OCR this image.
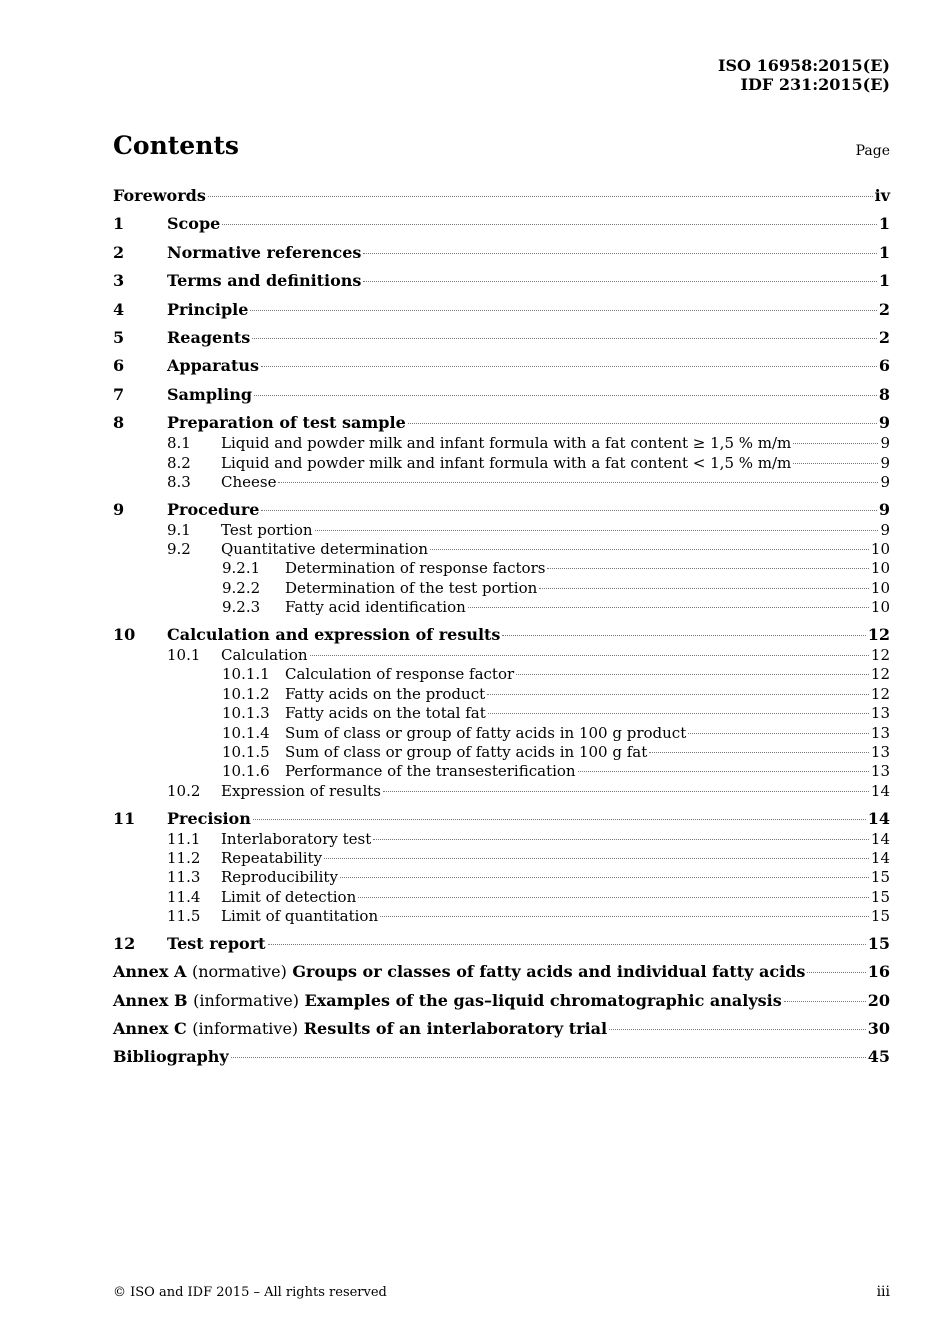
ISO 16958:2015(E)
IDF 231:2015(E)
Contents	Page
Forewords	iv
1	Scope	1
2	Normative references	1
3	Terms and definitions	1
4	Principle	2
5	Reagents	2
6	Apparatus	6
7	Sampling	8
8	Preparation of test sample	9
8.1	Liquid and powder milk and infant formula with a fat content ≥ 1,5 % m/m	9
8.2	Liquid and powder milk and infant formula with a fat content < 1,5 % m/m	9
8.3	Cheese	9
9	Procedure	9
9.1	Test portion	9
9.2	Quantitative determination	10
9.2.1	Determination of response factors	10
9.2.2	Determination of the test portion	10
9.2.3	Fatty acid identification	10
10	Calculation and expression of results	12
10.1	Calculation	12
10.1.1	Calculation of response factor	12
10.1.2	Fatty acids on the product	12
10.1.3	Fatty acids on the total fat	13
10.1.4	Sum of class or group of fatty acids in 100 g product	13
10.1.5	Sum of class or group of fatty acids in 100 g fat	13
10.1.6	Performance of the transesterification	13
10.2	Expression of results	14
11	Precision	14
11.1	Interlaboratory test	14
11.2	Repeatability	14
11.3	Reproducibility	15
11.4	Limit of detection	15
11.5	Limit of quantitation	15
12	Test report	15
Annex A (normative) Groups or classes of fatty acids and individual fatty acids	16
Annex B (informative) Examples of the gas–liquid chromatographic analysis	20
Annex C (informative) Results of an interlaboratory trial	30
Bibliography	45
© ISO and IDF 2015 – All rights reserved	iii
